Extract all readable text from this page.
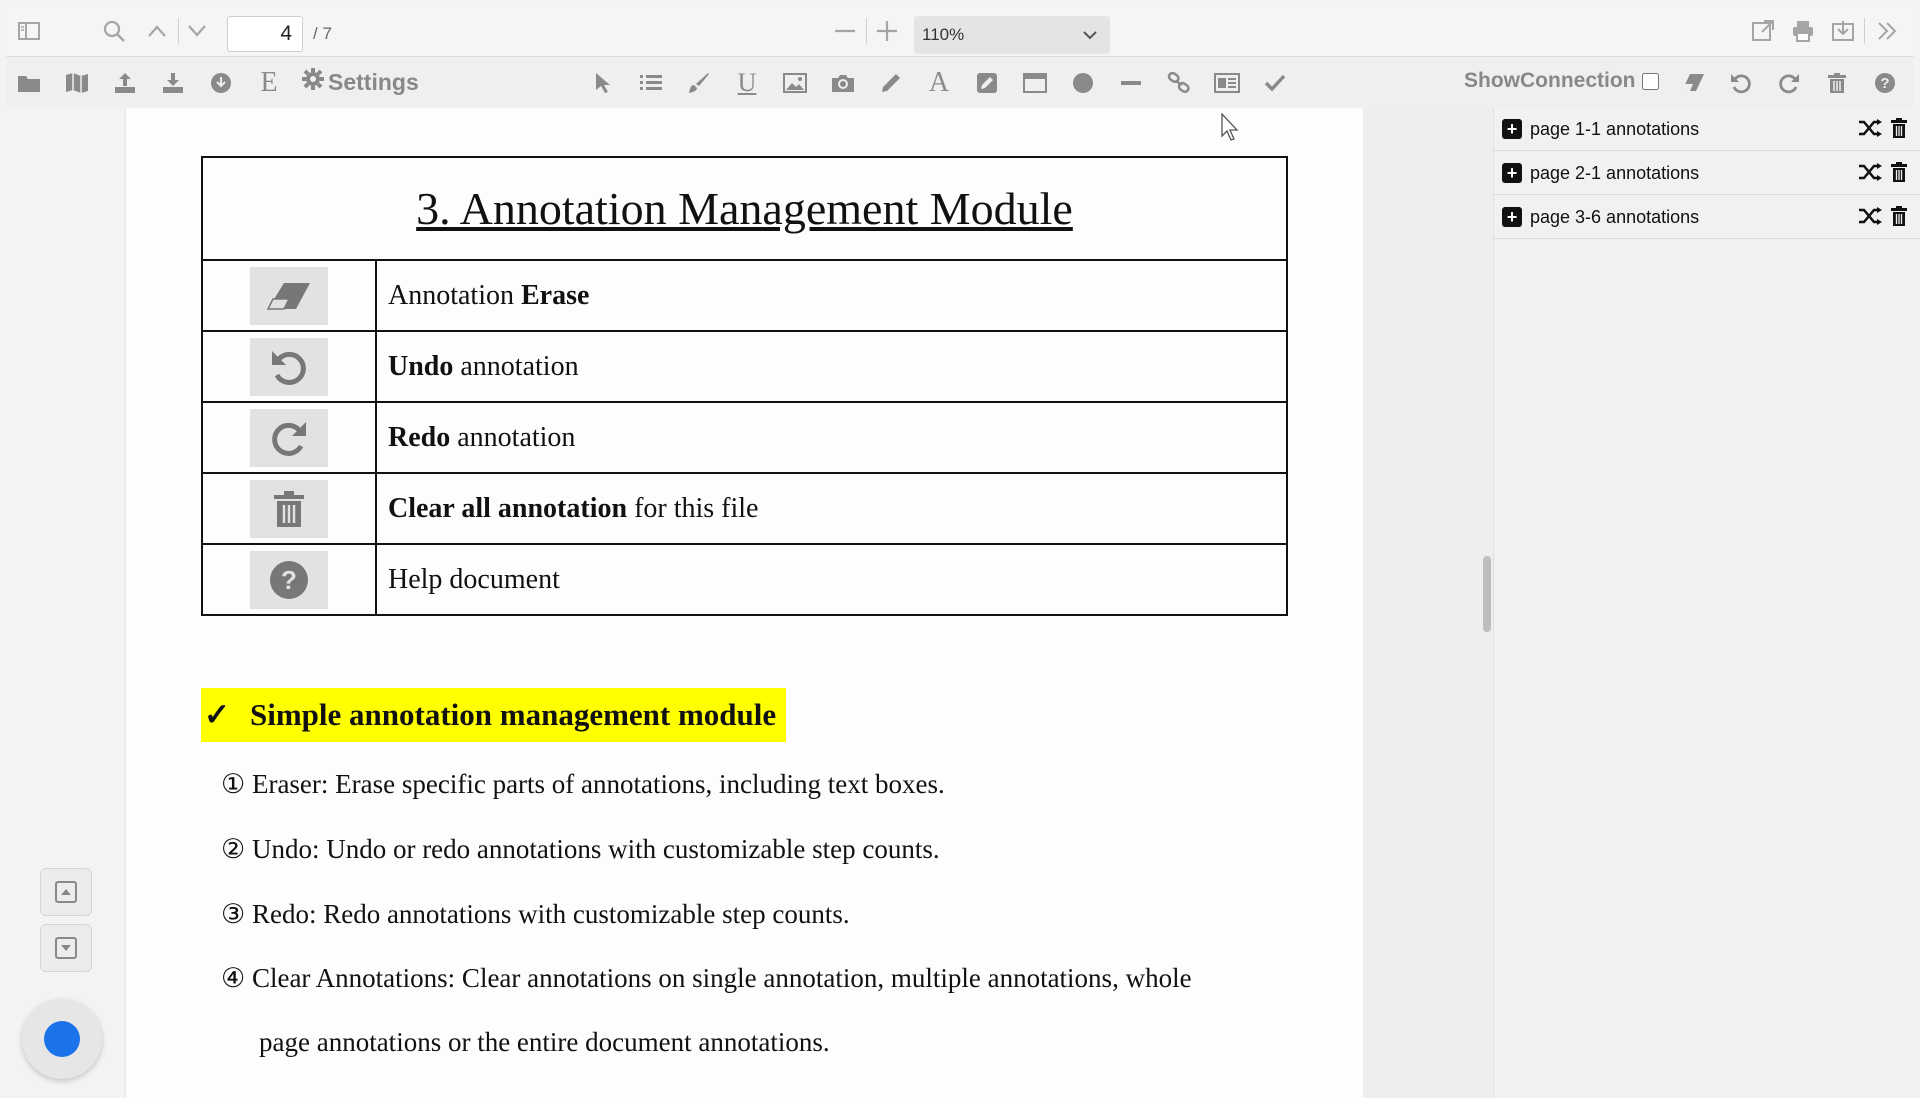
4
/ 7	110%
E Settings	U	A	ShowConnection	?
3. Annotation Management Module	

	Annotation Erase

	Undo annotation

	Redo annotation

	Clear all annotation for this file

?	Help document
✓ Simple annotation management module
① Eraser: Erase specific parts of annotations, including text boxes.
② Undo: Undo or redo annotations with customizable step counts.
③ Redo: Redo annotations with customizable step counts.
④ Clear Annotations: Clear annotations on single annotation, multiple annotations, whole
page annotations or the entire document annotations.
+ page 1-1 annotations
+ page 2-1 annotations
+ page 3-6 annotations
